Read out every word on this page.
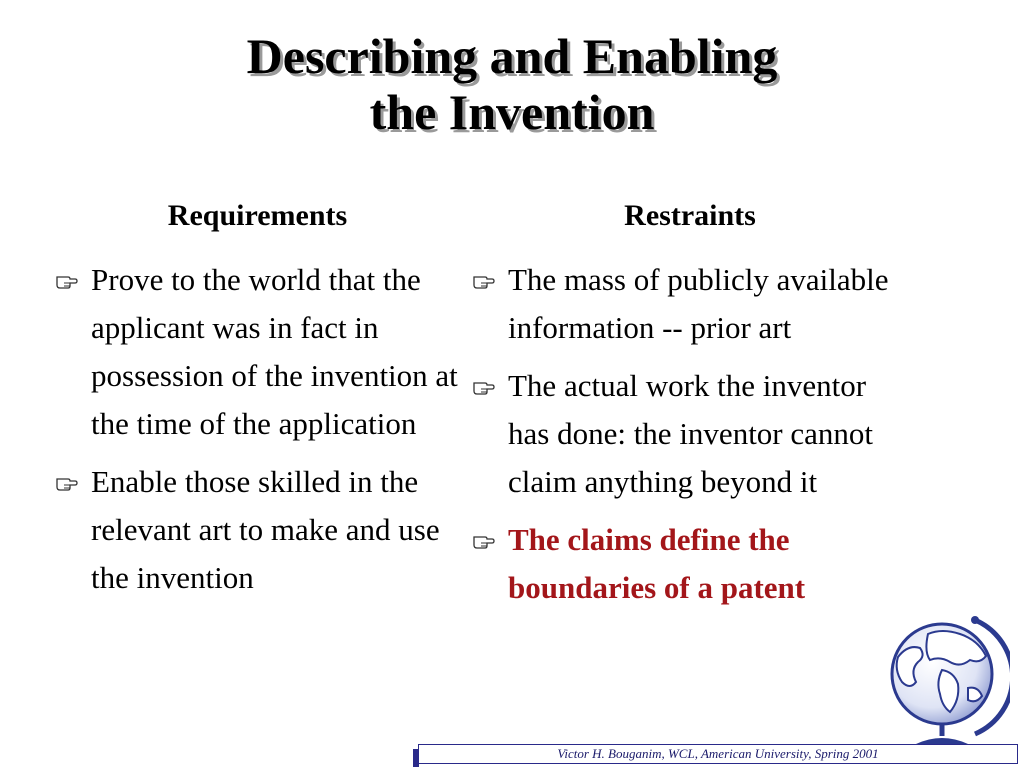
Describing and Enabling
the Invention
Requirements	Restraints
Prove to the world that the applicant was in fact in possession of the invention at the time of the application
Enable those skilled in the relevant art to make and use the invention
The mass of publicly available information -- prior art
The actual work the inventor has done: the inventor cannot claim anything beyond it
The claims define the boundaries of a patent
Victor H. Bouganim, WCL, American University, Spring 2001
